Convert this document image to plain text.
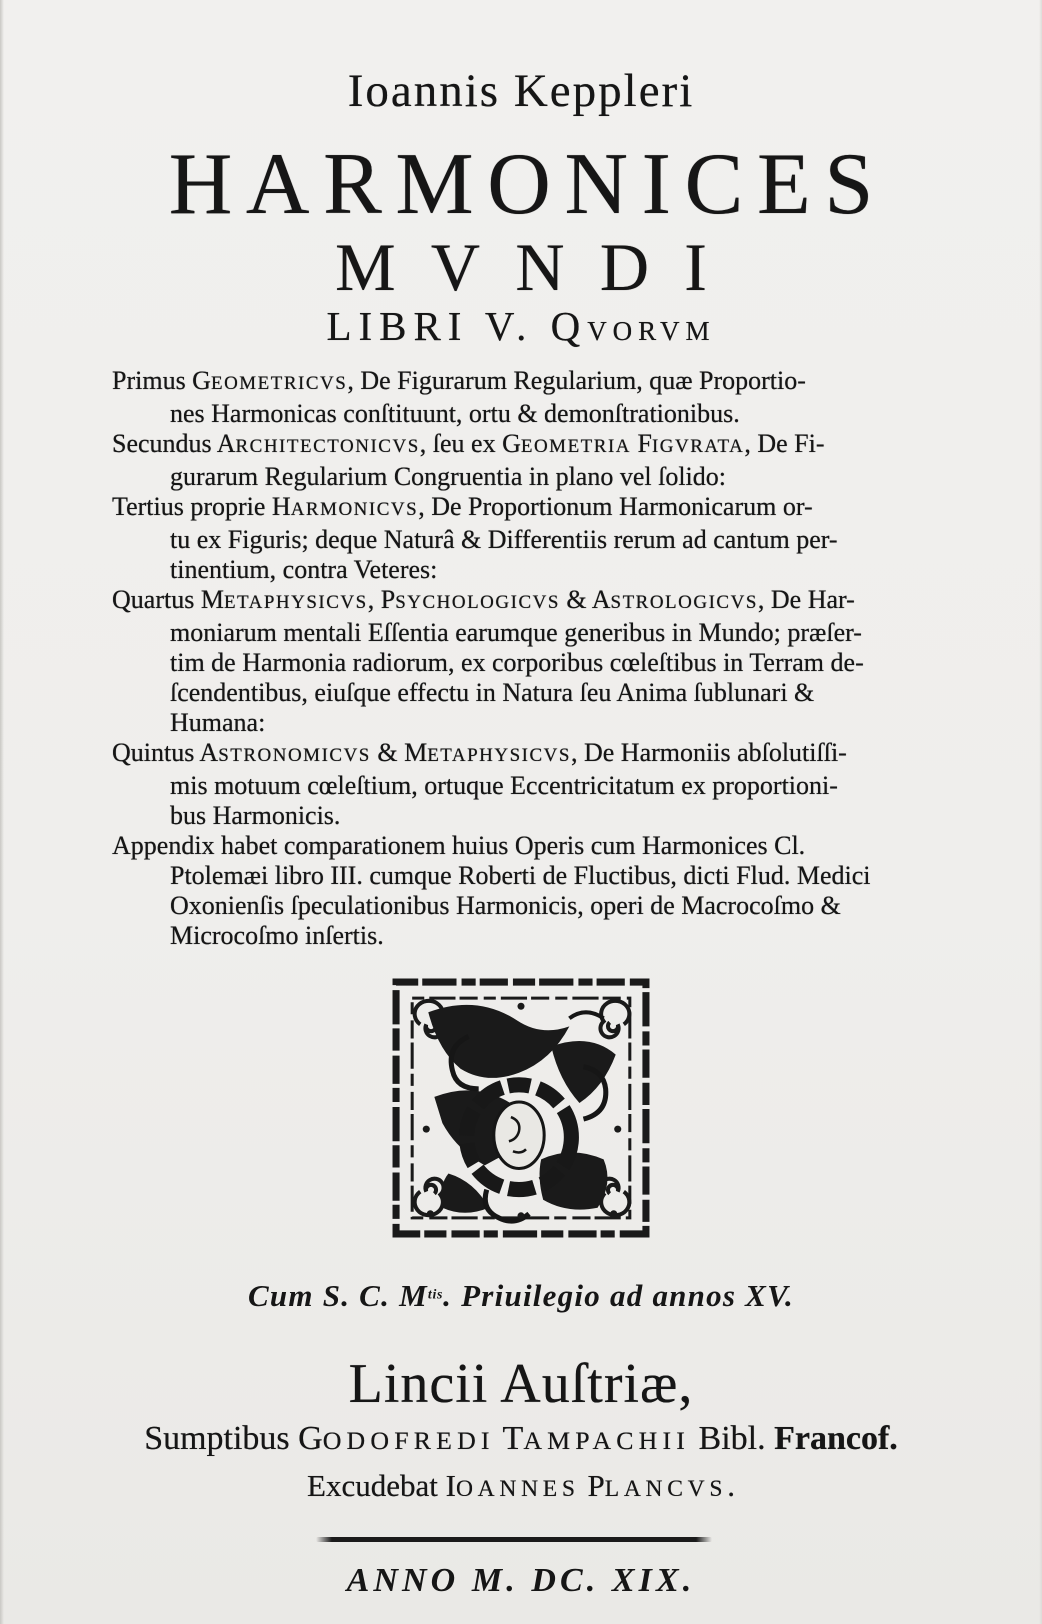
Ioannis Keppleri
HARMONICES
MVNDI
LIBRI V. QVORVM
Primus GEOMETRICVS, De Figurarum Regularium, quæ Proportio-
nes Harmonicas conſtituunt, ortu & demonſtrationibus.
Secundus ARCHITECTONICVS, ſeu ex GEOMETRIA FIGVRATA, De Fi-
gurarum Regularium Congruentia in plano vel ſolido:
Tertius proprie HARMONICVS, De Proportionum Harmonicarum or-
tu ex Figuris; deque Naturâ & Differentiis rerum ad cantum per-
tinentium, contra Veteres:
Quartus METAPHYSICVS, PSYCHOLOGICVS & ASTROLOGICVS, De Har-
moniarum mentali Eſſentia earumque generibus in Mundo; præſer-
tim de Harmonia radiorum, ex corporibus cœleſtibus in Terram de-
ſcendentibus, eiuſque effectu in Natura ſeu Anima ſublunari &
Humana:
Quintus ASTRONOMICVS & METAPHYSICVS, De Harmoniis abſolutiſſi-
mis motuum cœleſtium, ortuque Eccentricitatum ex proportioni-
bus Harmonicis.
Appendix habet comparationem huius Operis cum Harmonices Cl.
Ptolemæi libro III. cumque Roberti de Fluctibus, dicti Flud. Medici
Oxonienſis ſpeculationibus Harmonicis, operi de Macrocoſmo &
Microcoſmo inſertis.
Cum S. C. $M^{tis}$. Priuilegio ad annos XV.
Lincii Auſtriæ,
Sumptibus GODOFREDI TAMPACHII Bibl. Francof.
Excudebat IOANNES PLANCVS.
ANNO M. DC. XIX.
